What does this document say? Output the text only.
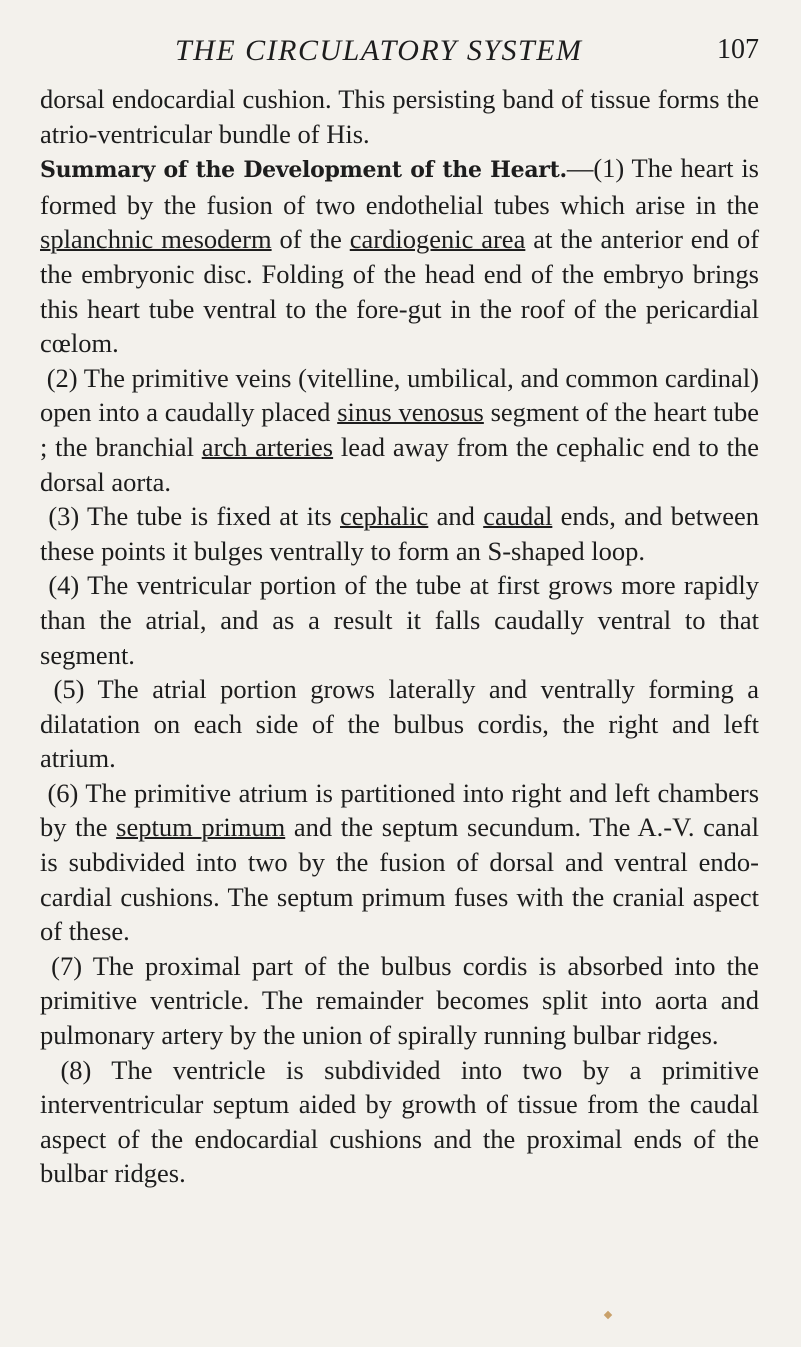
THE CIRCULATORY SYSTEM	107

dorsal endocardial cushion. This persisting band of tissue forms the atrio-ventricular bundle of His.

Summary of the Development of the Heart.—(1) The heart is formed by the fusion of two endothelial tubes which arise in the splanchnic mesoderm of the cardiogenic area at the anterior end of the embryonic disc. Folding of the head end of the embryo brings this heart tube ventral to the fore-gut in the roof of the pericardial cœlom.

(2) The primitive veins (vitelline, umbilical, and common cardinal) open into a caudally placed sinus venosus segment of the heart tube ; the branchial arch arteries lead away from the cephalic end to the dorsal aorta.

(3) The tube is fixed at its cephalic and caudal ends, and between these points it bulges ventrally to form an S-shaped loop.

(4) The ventricular portion of the tube at first grows more rapidly than the atrial, and as a result it falls caudally ventral to that segment.

(5) The atrial portion grows laterally and ventrally forming a dilatation on each side of the bulbus cordis, the right and left atrium.

(6) The primitive atrium is partitioned into right and left chambers by the septum primum and the septum secundum. The A.-V. canal is subdivided into two by the fusion of dorsal and ventral endo-cardial cushions. The septum primum fuses with the cranial aspect of these.

(7) The proximal part of the bulbus cordis is absorbed into the primitive ventricle. The remainder becomes split into aorta and pulmonary artery by the union of spirally running bulbar ridges.

(8) The ventricle is subdivided into two by a primitive interventricular septum aided by growth of tissue from the caudal aspect of the endocardial cushions and the proximal ends of the bulbar ridges.
